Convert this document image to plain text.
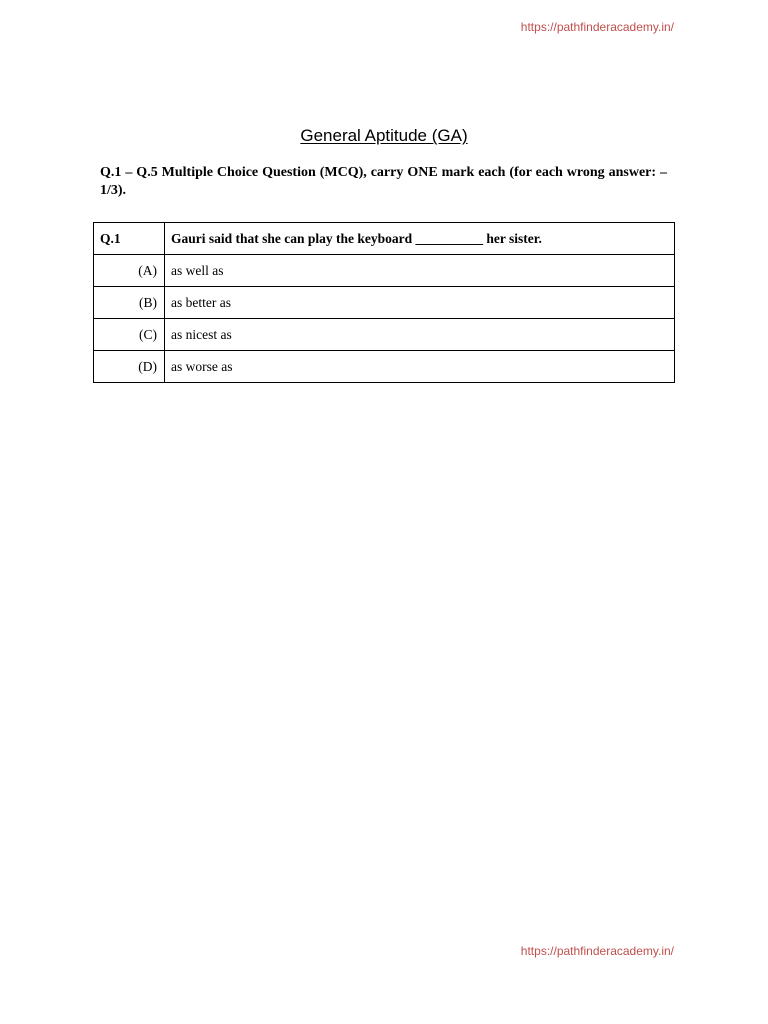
https://pathfinderacademy.in/
General Aptitude (GA)

Q.1 – Q.5 Multiple Choice Question (MCQ), carry ONE mark each (for each wrong answer: – 1/3).

Q.1	Gauri said that she can play the keyboard __________ her sister.
(A)	as well as
(B)	as better as
(C)	as nicest as
(D)	as worse as
https://pathfinderacademy.in/
